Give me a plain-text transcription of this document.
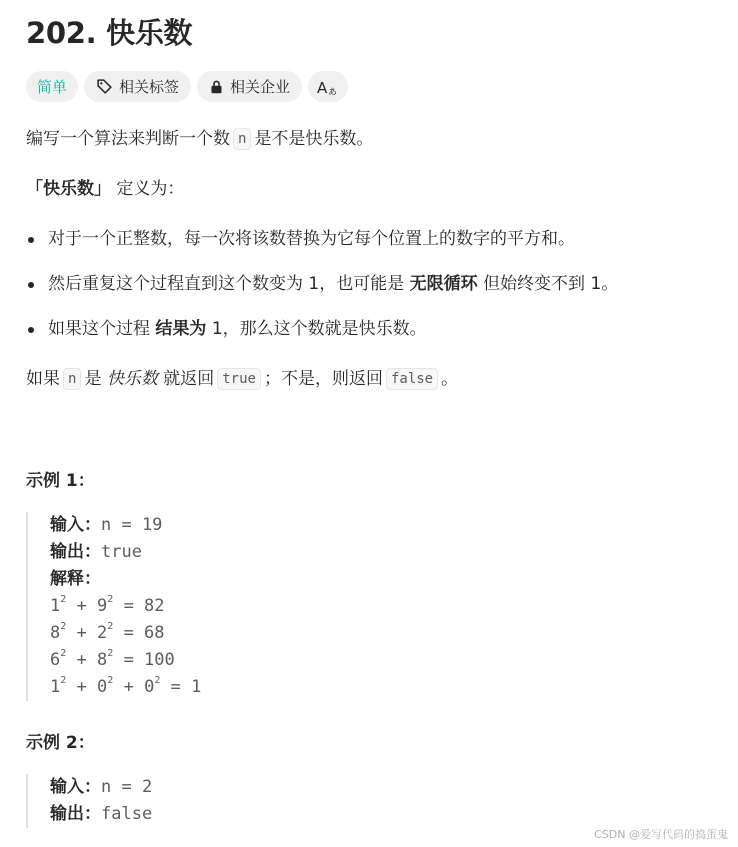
202. 快乐数
简单	相关标签	相关企业 A ぁ
编写一个算法来判断一个数 n 是不是快乐数。
「快乐数」 定义为：
对于一个正整数，每一次将该数替换为它每个位置上的数字的平方和。
然后重复这个过程直到这个数变为 1，也可能是 无限循环 但始终变不到 1。
如果这个过程 结果为 1，那么这个数就是快乐数。
如果 n 是 快乐数 就返回 true ；不是，则返回 false 。
示例 1：
输入：n = 19
输出：true
解释：
$1^2 + 9^2 = 82$
$8^2 + 2^2 = 68$
$6^2 + 8^2 = 100$
$1^2 + 0^2 + 0^2 = 1$
示例 2：
输入：n = 2
输出：false
CSDN @爱写代码的捣蛋鬼
